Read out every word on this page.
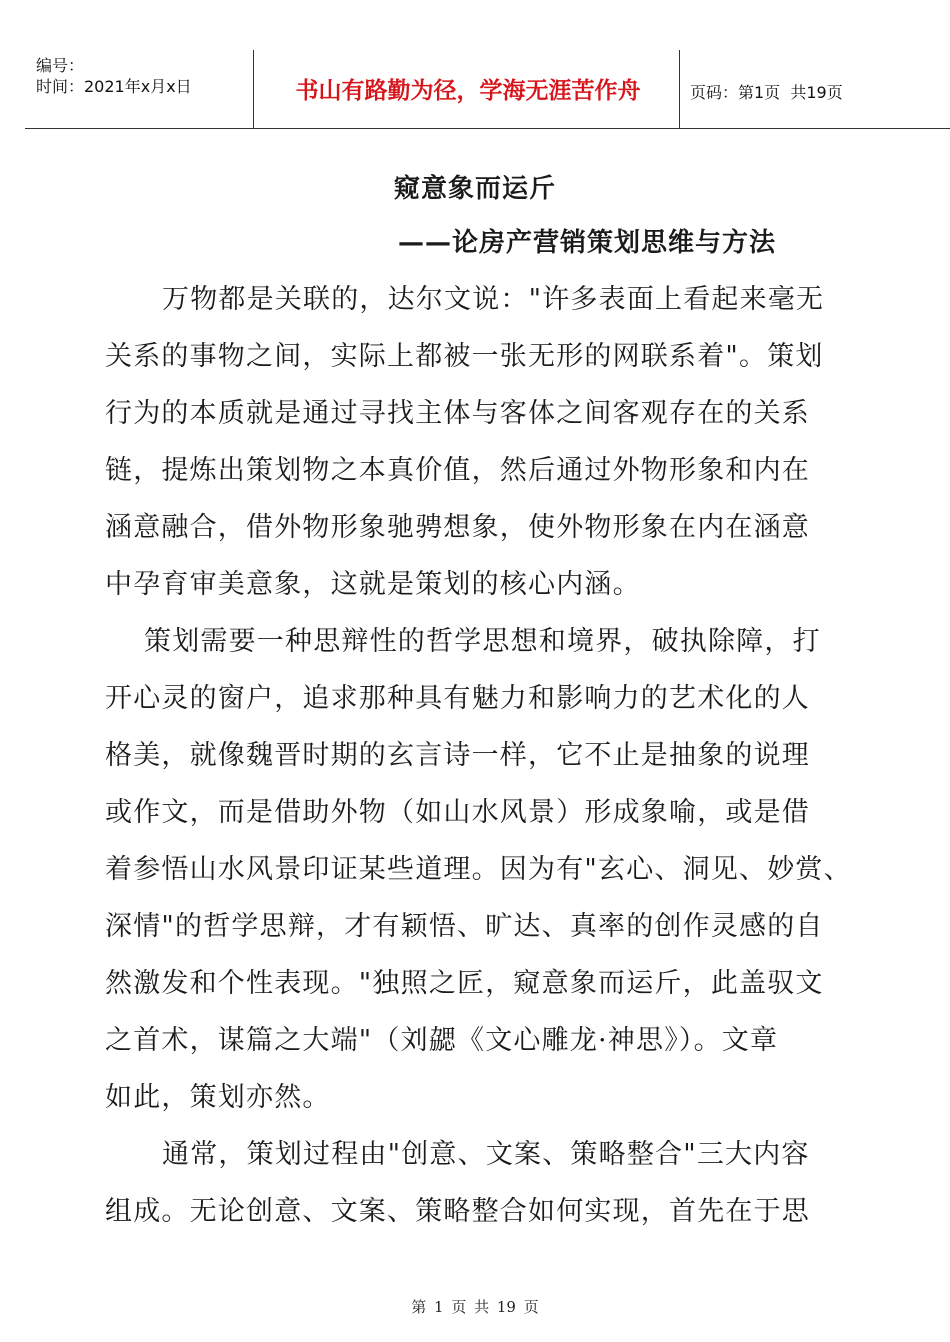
编号：
时间：2021年x月x日	书山有路勤为径，学海无涯苦作舟	页码：第1页  共19页
窥意象而运斤
——论房产营销策划思维与方法
万物都是关联的，达尔文说："许多表面上看起来毫无
关系的事物之间，实际上都被一张无形的网联系着"。策划
行为的本质就是通过寻找主体与客体之间客观存在的关系
链，提炼出策划物之本真价值，然后通过外物形象和内在
涵意融合，借外物形象驰骋想象，使外物形象在内在涵意
中孕育审美意象，这就是策划的核心内涵。
策划需要一种思辩性的哲学思想和境界，破执除障，打
开心灵的窗户，追求那种具有魅力和影响力的艺术化的人
格美，就像魏晋时期的玄言诗一样，它不止是抽象的说理
或作文，而是借助外物（如山水风景）形成象喻，或是借
着参悟山水风景印证某些道理。因为有"玄心、洞见、妙赏、
深情"的哲学思辩，才有颖悟、旷达、真率的创作灵感的自
然激发和个性表现。"独照之匠，窥意象而运斤，此盖驭文
之首术，谋篇之大端"（刘勰《文心雕龙·神思》）。文章
如此，策划亦然。
通常，策划过程由"创意、文案、策略整合"三大内容
组成。无论创意、文案、策略整合如何实现，首先在于思
第 1 页 共 19 页
